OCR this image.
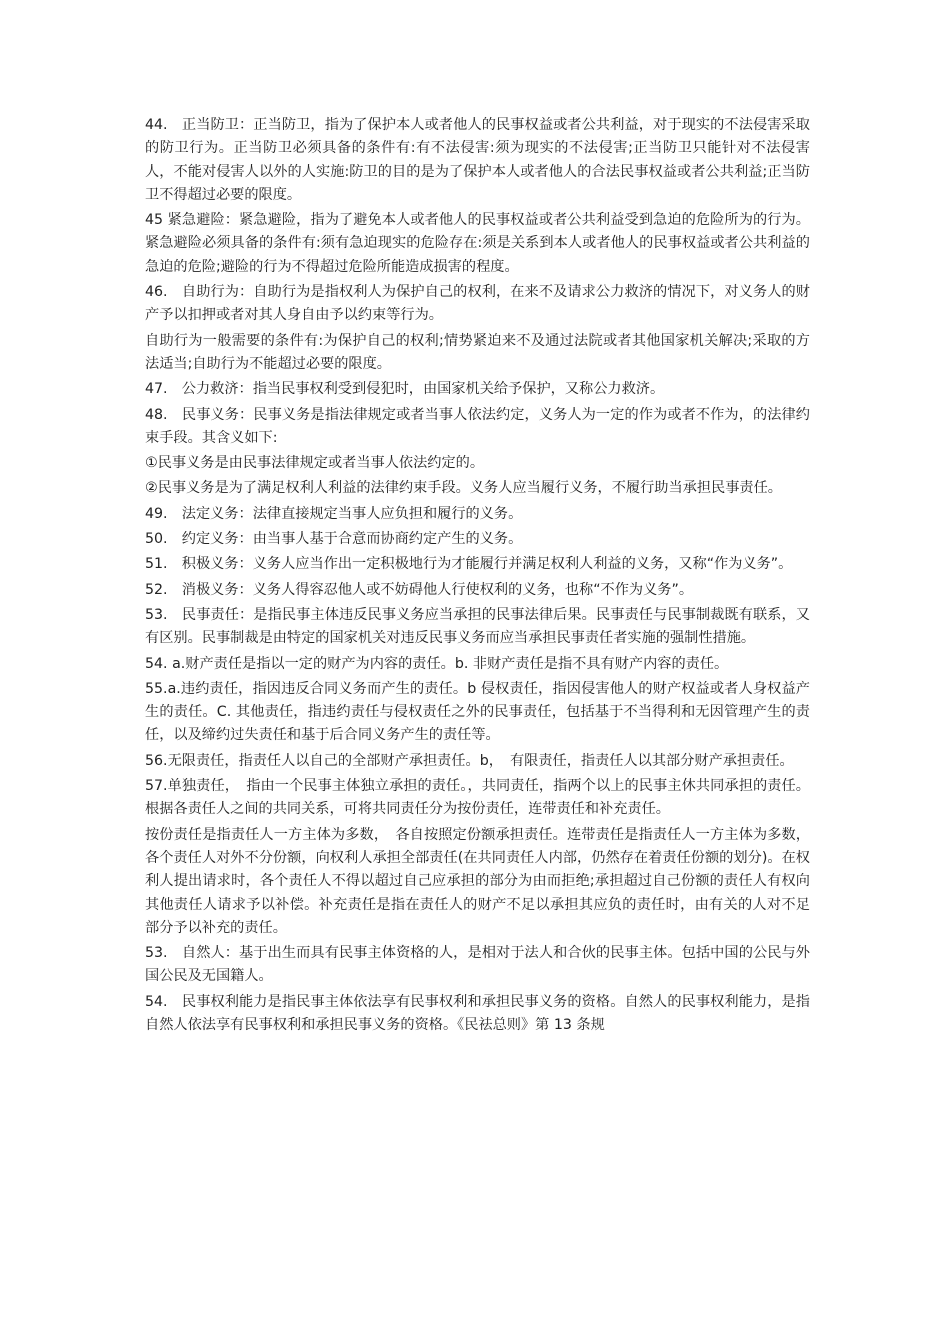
44.　正当防卫：正当防卫，指为了保护本人或者他人的民事权益或者公共利益，对于现实的不法侵害采取的防卫行为。正当防卫必须具备的条件有:有不法侵害:须为现实的不法侵害;正当防卫只能针对不法侵害人，不能对侵害人以外的人实施:防卫的目的是为了保护本人或者他人的合法民事权益或者公共利益;正当防卫不得超过必要的限度。

45 紧急避险：紧急避险，指为了避免本人或者他人的民事权益或者公共利益受到急迫的危险所为的行为。紧急避险必须具备的条件有:须有急迫现实的危险存在:须是关系到本人或者他人的民事权益或者公共利益的急迫的危险;避险的行为不得超过危险所能造成损害的程度。

46.　自助行为：自助行为是指权利人为保护自己的权利，在来不及请求公力救济的情况下，对义务人的财产予以扣押或者对其人身自由予以约束等行为。

自助行为一般需要的条件有:为保护自己的权利;情势紧迫来不及通过法院或者其他国家机关解决;采取的方法适当;自助行为不能超过必要的限度。

47.　公力救济：指当民事权利受到侵犯时，由国家机关给予保护，又称公力救济。

48.　民事义务：民事义务是指法律规定或者当事人依法约定，义务人为一定的作为或者不作为，的法律约束手段。其含义如下:

①民事义务是由民事法律规定或者当事人依法约定的。

②民事义务是为了满足权利人利益的法律约束手段。义务人应当履行义务，不履行助当承担民事责任。

49.　法定义务：法律直接规定当事人应负担和履行的义务。

50.　约定义务：由当事人基于合意而协商约定产生的义务。

51.　积极义务：义务人应当作出一定积极地行为才能履行并满足权利人利益的义务，又称“作为义务”。

52.　消极义务：义务人得容忍他人或不妨碍他人行使权利的义务，也称“不作为义务”。

53.　民事责任：是指民事主体违反民事义务应当承担的民事法律后果。民事责任与民事制裁既有联系，又有区别。民事制裁是由特定的国家机关对违反民事义务而应当承担民事责任者实施的强制性措施。

54. a.财产责任是指以一定的财产为内容的责任。b. 非财产责任是指不具有财产内容的责任。

55.a.违约责任，指因违反合同义务而产生的责任。b 侵权责任，指因侵害他人的财产权益或者人身权益产生的责任。C. 其他责任，指违约责任与侵权责任之外的民事责任，包括基于不当得利和无因管理产生的责任，以及缔约过失责任和基于后合同义务产生的责任等。

56.无限责任，指责任人以自己的全部财产承担责任。b，　有限责任，指责任人以其部分财产承担责任。

57.单独责任，　指由一个民事主体独立承担的责任。，共同责任，指两个以上的民事主休共同承担的责任。根据各责任人之间的共同关系，可将共同责任分为按份责任，连带责任和补充责任。

按份责任是指责任人一方主体为多数，　各自按照定份额承担责任。连带责任是指责任人一方主体为多数，各个责任人对外不分份额，向权利人承担全部责任(在共同责任人内部，仍然存在着责任份额的划分)。在权利人提出请求时，各个责任人不得以超过自己应承担的部分为由而拒绝;承担超过自己份额的责任人有权向其他责任人请求予以补偿。补充责任是指在责任人的财产不足以承担其应负的责任时，由有关的人对不足部分予以补充的责任。

53.　自然人：基于出生而具有民事主体资格的人，是相对于法人和合伙的民事主体。包括中国的公民与外国公民及无国籍人。

54.　民事权利能力是指民事主体依法享有民事权利和承担民事义务的资格。自然人的民事权利能力，是指自然人依法享有民事权利和承担民事义务的资格。《民祛总则》第 13 条规
